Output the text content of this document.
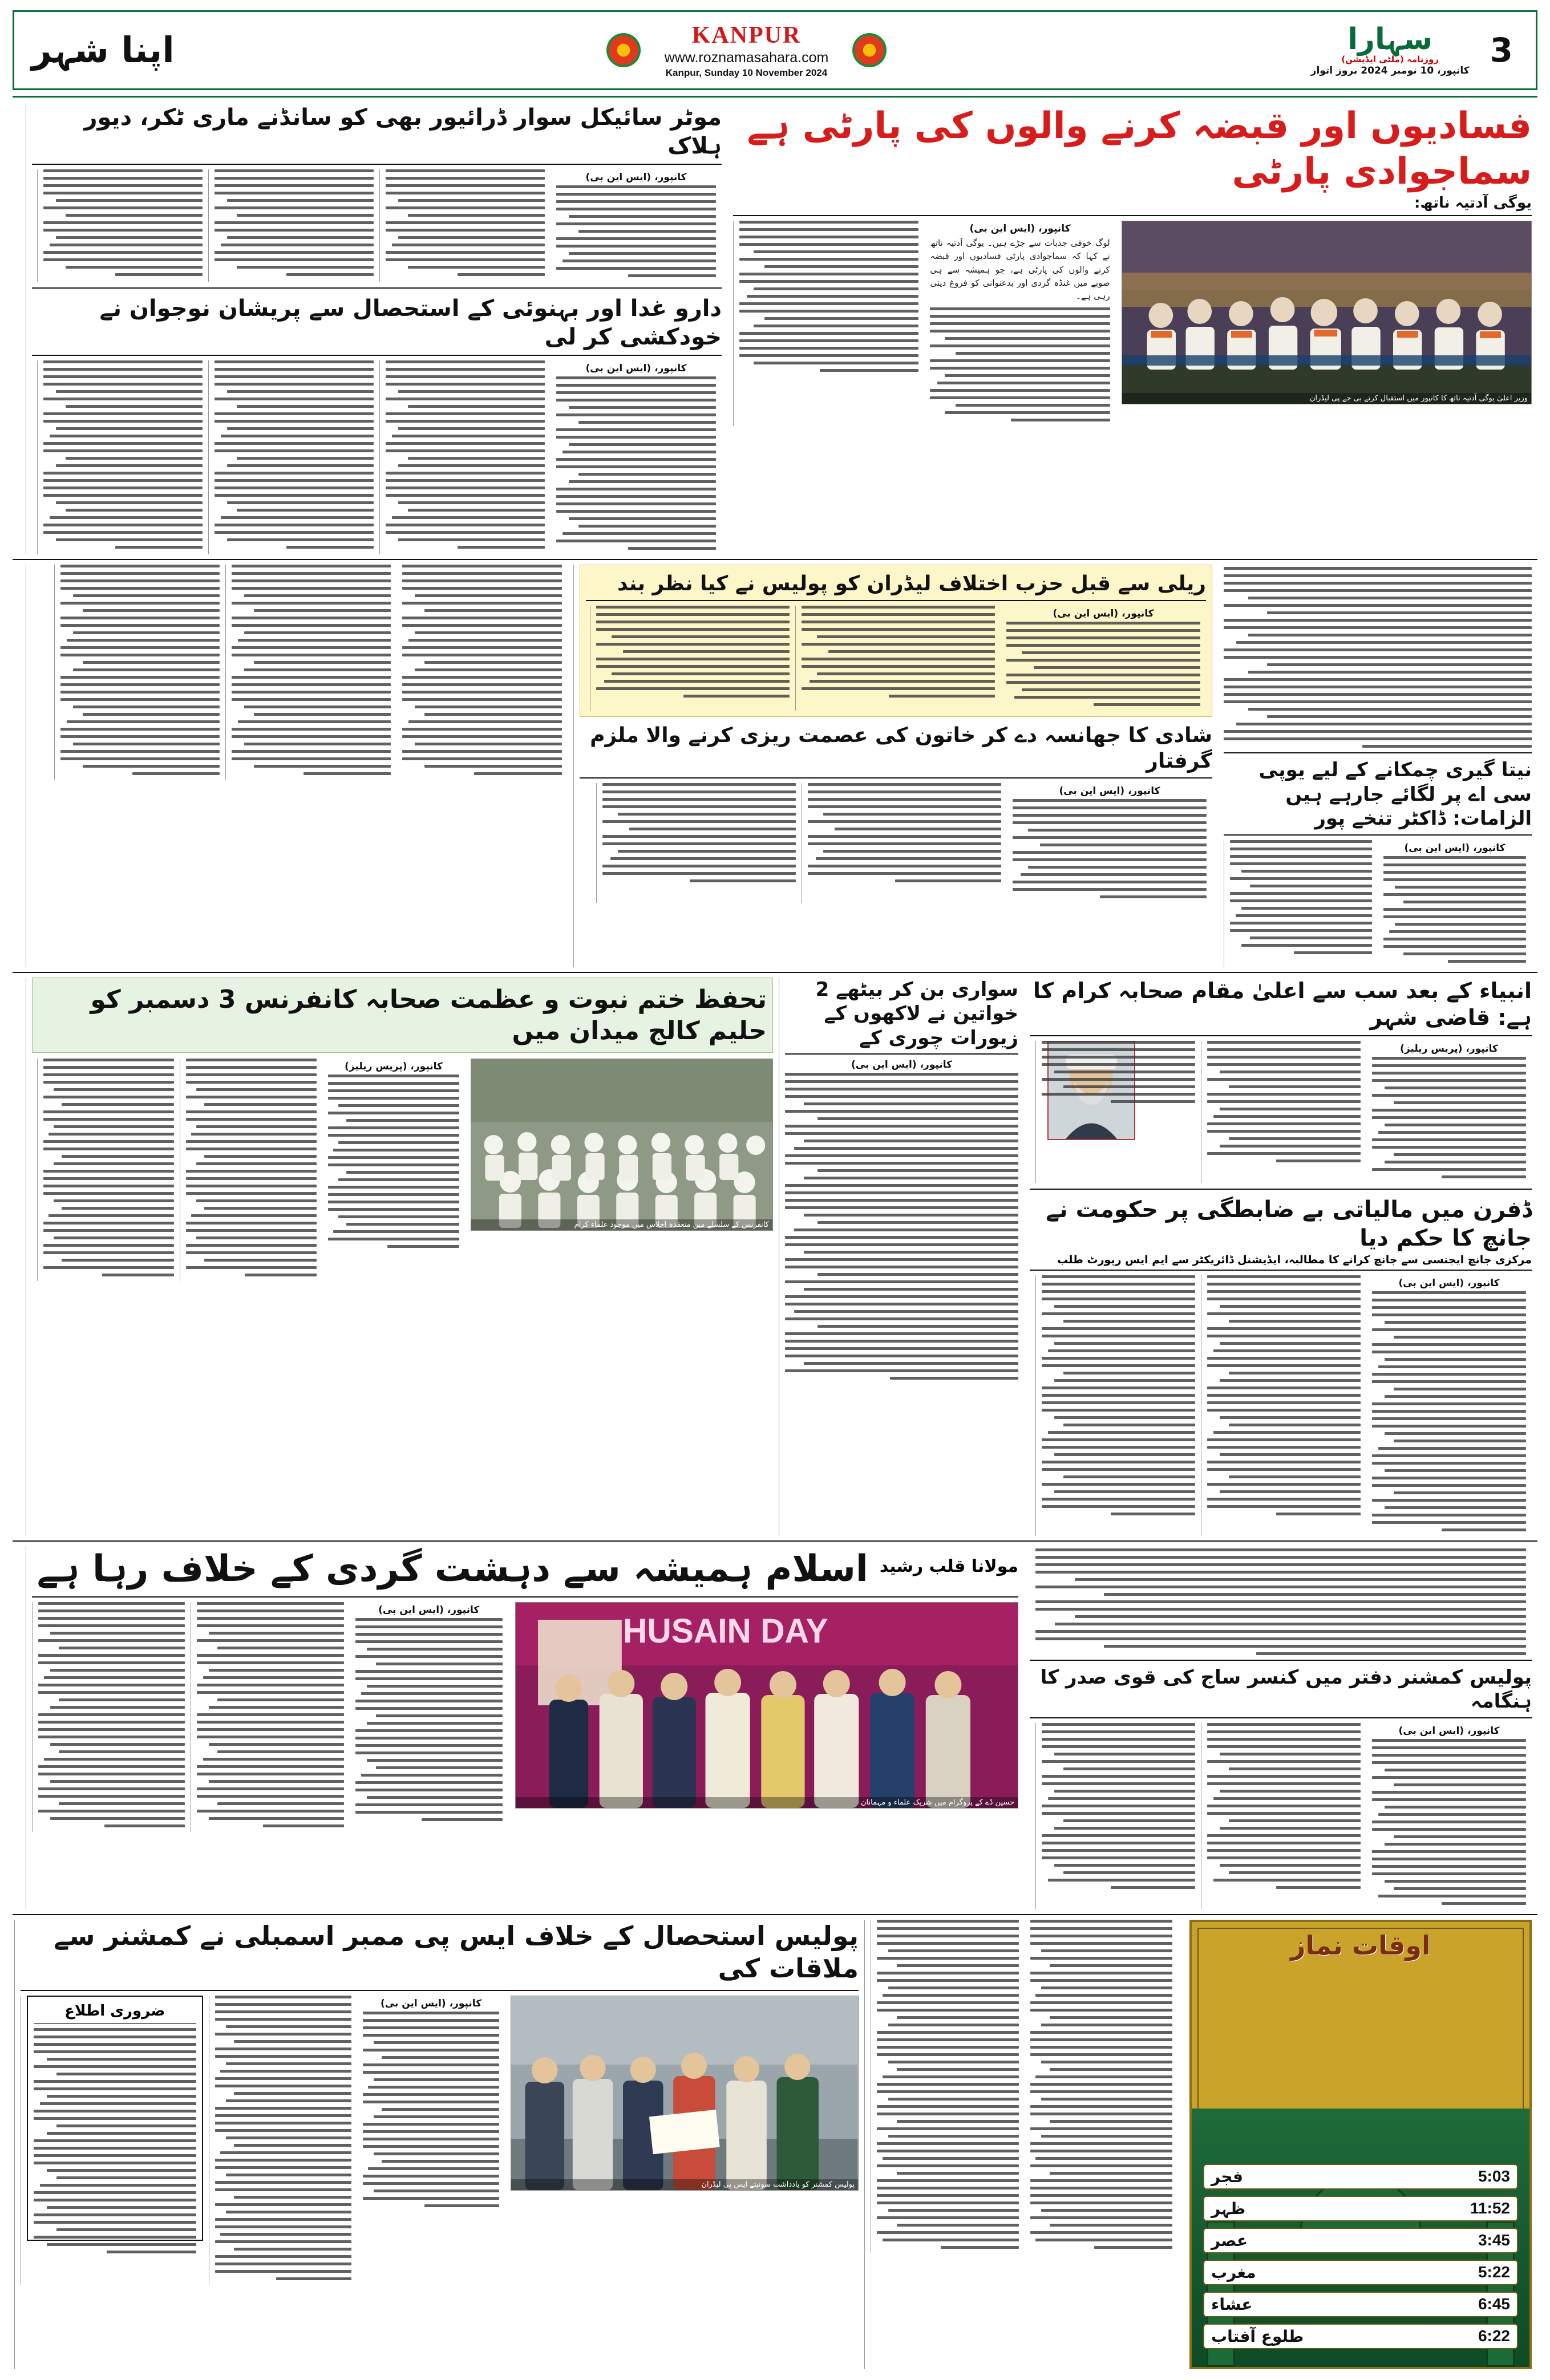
3
سہارا
روزنامہ (ملٹی ایڈیشن)
کانپور، 10 نومبر 2024 بروز اتوار
KANPUR
www.roznamasahara.com
Kanpur, Sunday 10 November 2024
اپنا شہر
فسادیوں اور قبضہ کرنے والوں کی پارٹی ہے سماجوادی پارٹی
یوگی آدتیہ ناتھ:
وزیر اعلیٰ یوگی آدتیہ ناتھ کا کانپور میں استقبال کرتے بی جے پی لیڈران
کانپور، (ایس این بی)
لوگ خوفی جذبات سے جڑے ہیں۔ یوگی آدتیہ ناتھ نے کہا کہ سماجوادی پارٹی فسادیوں اور قبضہ کرنے والوں کی پارٹی ہے، جو ہمیشہ سے ہی صوبے میں غنڈہ گردی اور بدعنوانی کو فروغ دیتی رہی ہے۔
موٹر سائیکل سوار ڈرائیور بھی کو سانڈنے ماری ٹکر، دیور ہلاک
کانپور، (ایس این بی)
دارو غدا اور بہنوئی کے استحصال سے پریشان نوجوان نے خودکشی کر لی
کانپور، (ایس این بی)
نیتا گیری چمکانے کے لیے یوپی سی اے پر لگائے جارہے ہیں الزامات: ڈاکٹر تنخے پور
کانپور، (ایس این بی)
ریلی سے قبل حزب اختلاف لیڈران کو پولیس نے کیا نظر بند
کانپور، (ایس این بی)
شادی کا جھانسہ دے کر خاتون کی عصمت ریزی کرنے والا ملزم گرفتار
کانپور، (ایس این بی)
انبیاء کے بعد سب سے اعلیٰ مقام صحابہ کرام کا ہے: قاضی شہر
کانپور، (پریس ریلیز)
ڈفرن میں مالیاتی بے ضابطگی پر حکومت نے جانچ کا حکم دیا
مرکزی جانچ ایجنسی سے جانچ کرانے کا مطالبہ، ایڈیشنل ڈائریکٹر سے ایم ایس رپورٹ طلب
کانپور، (ایس این بی)
سواری بن کر بیٹھے 2 خواتین نے لاکھوں کے زیورات چوری کے
کانپور، (ایس این بی)
تحفظ ختم نبوت و عظمت صحابہ کانفرنس 3 دسمبر کو حلیم کالج میدان میں
کانفرنس کے سلسلے میں منعقدہ اجلاس میں موجود علماء کرام
کانپور، (پریس ریلیز)
پولیس کمشنر دفتر میں کنسر ساج کی قوی صدر کا ہنگامہ
کانپور، (ایس این بی)
مولانا قلب رشید
اسلام ہمیشہ سے دہشت گردی کے خلاف رہا ہے
HUSAIN DAY
حسین ڈے کے پروگرام میں شریک علماء و مہمانان
کانپور، (ایس این بی)
اوقات نماز
5:03
فجر
11:52
ظہر
3:45
عصر
5:22
مغرب
6:45
عشاء
6:22
طلوع آفتاب
پولیس استحصال کے خلاف ایس پی ممبر اسمبلی نے کمشنر سے ملاقات کی
پولیس کمشنر کو یادداشت سونپتے ایس پی لیڈران
کانپور، (ایس این بی)
ضروری اطلاع
